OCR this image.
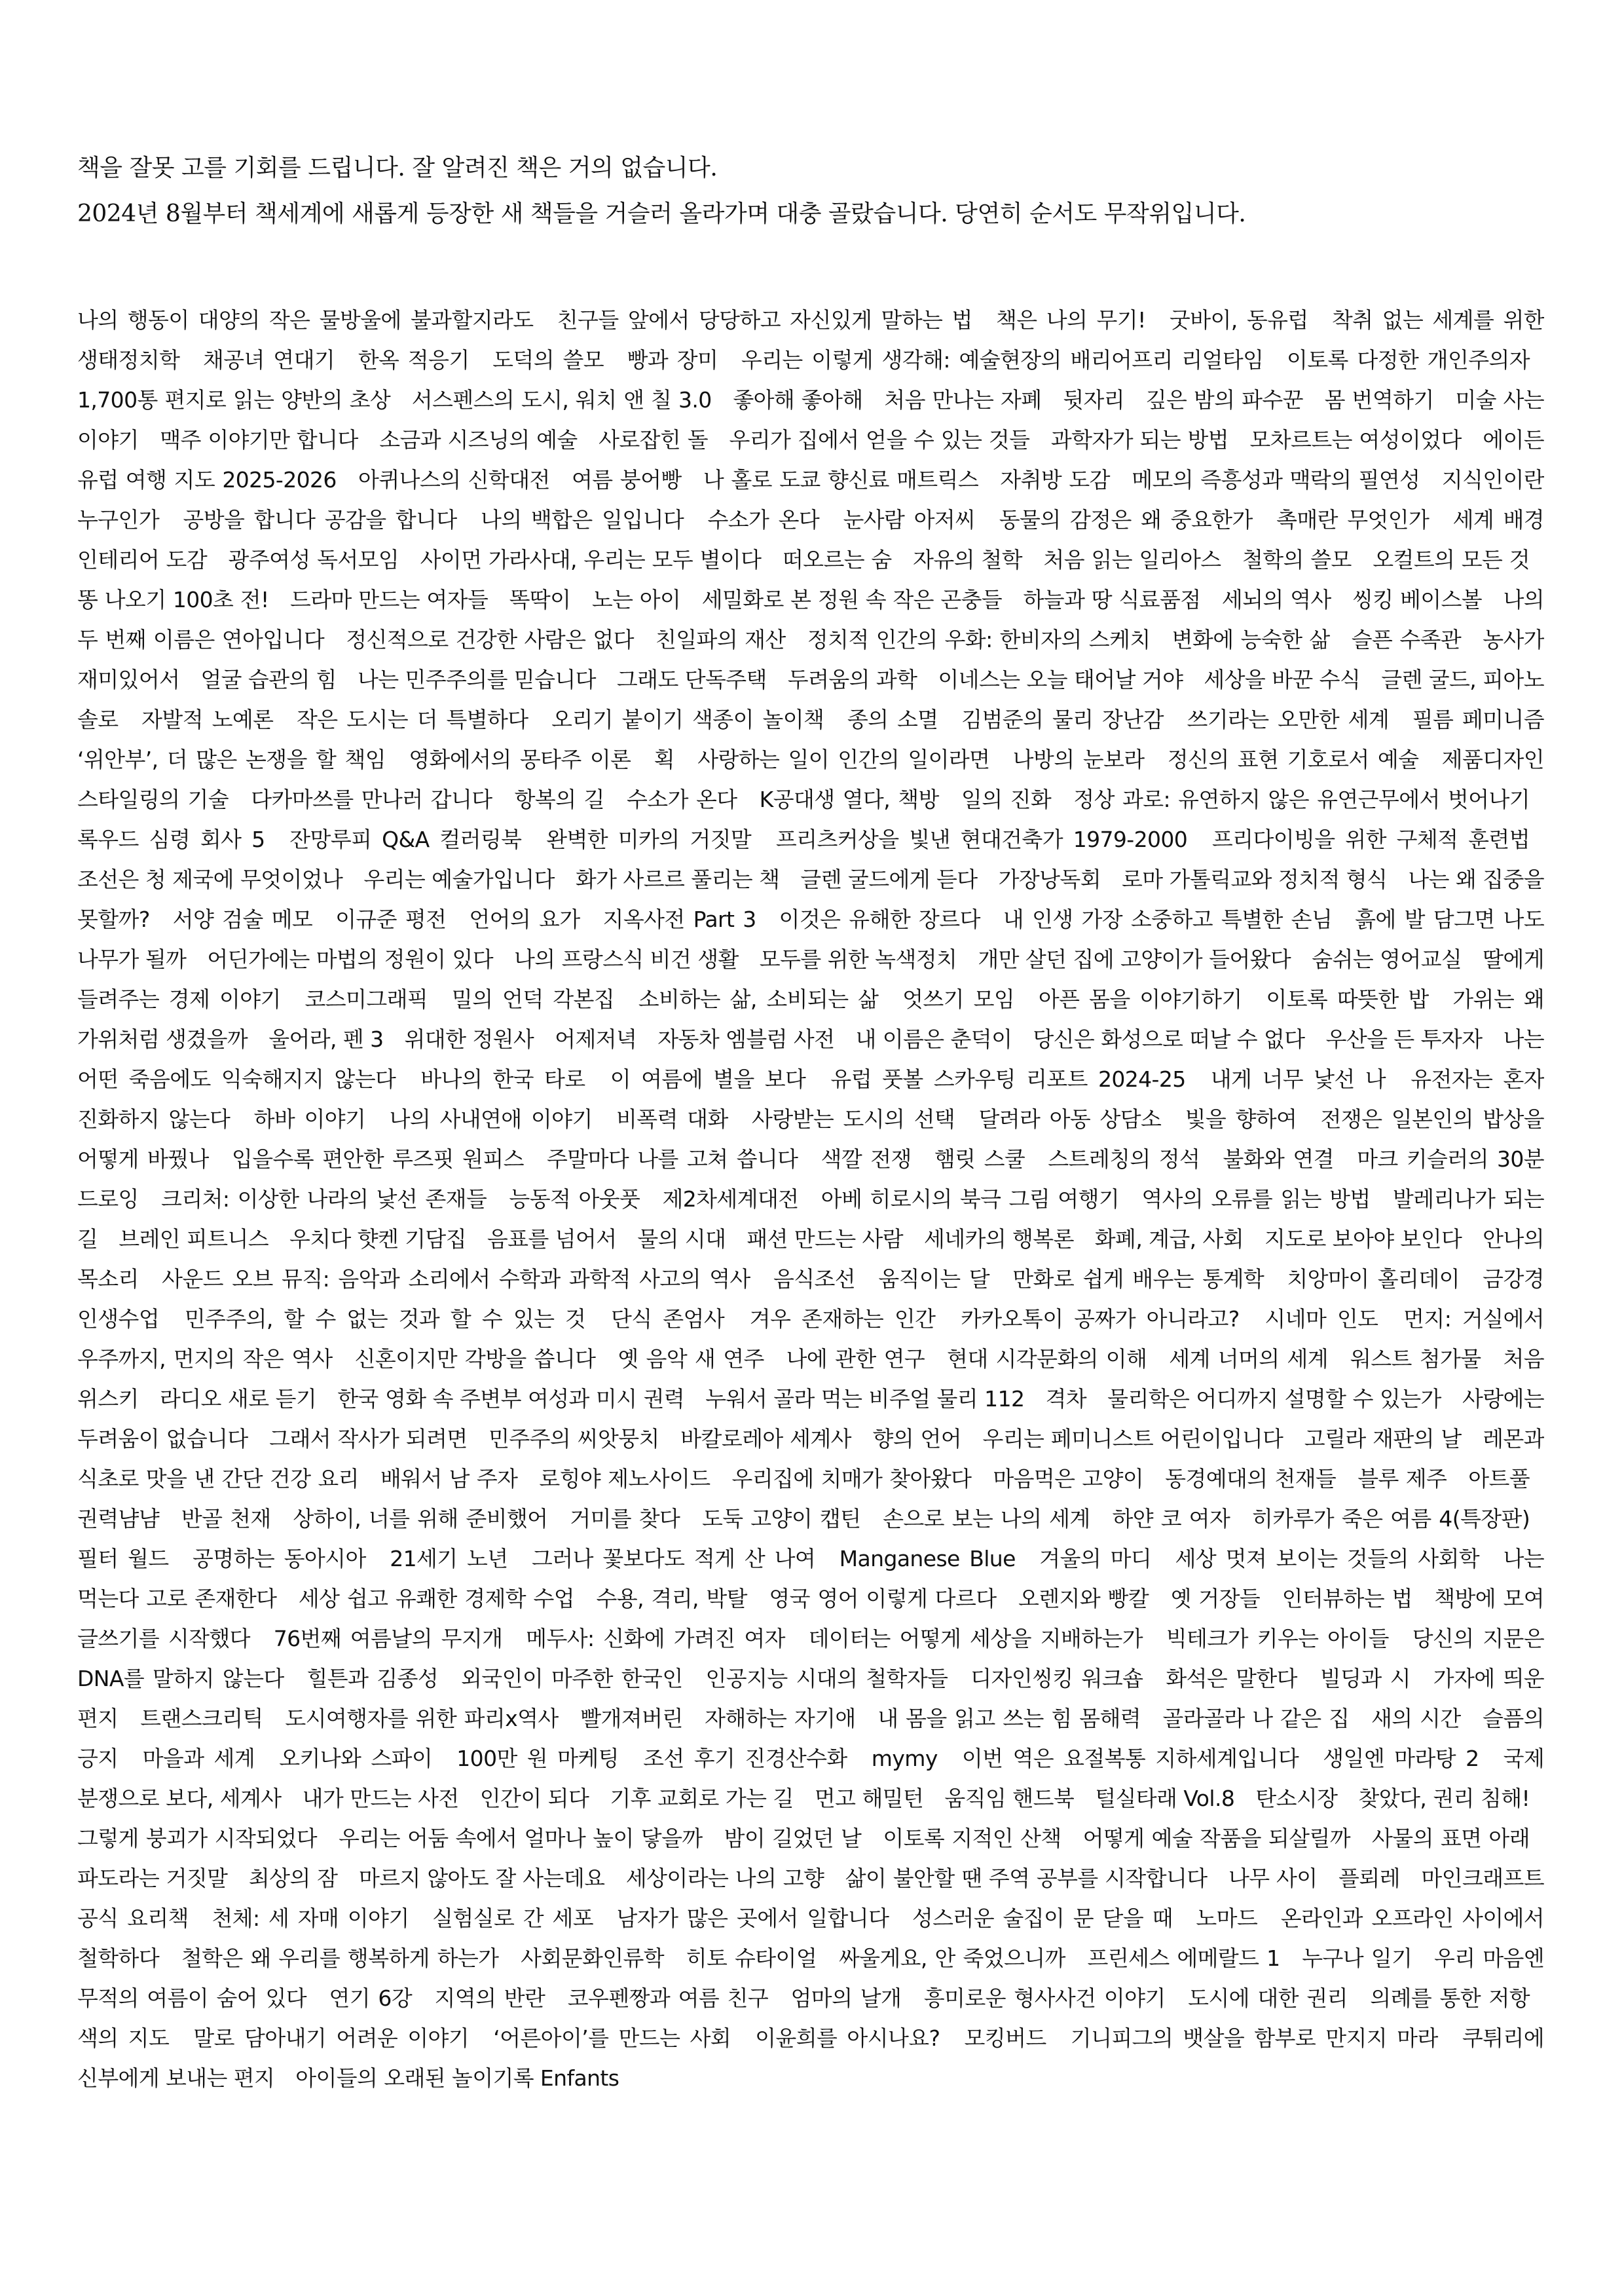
책을 잘못 고를 기회를 드립니다. 잘 알려진 책은 거의 없습니다.

2024년 8월부터 책세계에 새롭게 등장한 새 책들을 거슬러 올라가며 대충 골랐습니다. 당연히 순서도 무작위입니다.

나의 행동이 대양의 작은 물방울에 불과할지라도 친구들 앞에서 당당하고 자신있게 말하는 법 책은 나의 무기! 굿바이, 동유럽 착취 없는 세계를 위한 생태정치학 채공녀 연대기 한옥 적응기 도덕의 쓸모 빵과 장미 우리는 이렇게 생각해: 예술현장의 배리어프리 리얼타임 이토록 다정한 개인주의자 1,700통 편지로 읽는 양반의 초상 서스펜스의 도시, 워치 앤 칠 3.0 좋아해 좋아해 처음 만나는 자폐 뒷자리 깊은 밤의 파수꾼 몸 번역하기 미술 사는 이야기 맥주 이야기만 합니다 소금과 시즈닝의 예술 사로잡힌 돌 우리가 집에서 얻을 수 있는 것들 과학자가 되는 방법 모차르트는 여성이었다 에이든 유럽 여행 지도 2025-2026 아퀴나스의 신학대전 여름 붕어빵 나 홀로 도쿄 향신료 매트릭스 자취방 도감 메모의 즉흥성과 맥락의 필연성 지식인이란 누구인가 공방을 합니다 공감을 합니다 나의 백합은 일입니다 수소가 온다 눈사람 아저씨 동물의 감정은 왜 중요한가 촉매란 무엇인가 세계 배경 인테리어 도감 광주여성 독서모임 사이먼 가라사대, 우리는 모두 별이다 떠오르는 숨 자유의 철학 처음 읽는 일리아스 철학의 쓸모 오컬트의 모든 것 똥 나오기 100초 전! 드라마 만드는 여자들 똑딱이 노는 아이 세밀화로 본 정원 속 작은 곤충들 하늘과 땅 식료품점 세뇌의 역사 씽킹 베이스볼 나의 두 번째 이름은 연아입니다 정신적으로 건강한 사람은 없다 친일파의 재산 정치적 인간의 우화: 한비자의 스케치 변화에 능숙한 삶 슬픈 수족관 농사가 재미있어서 얼굴 습관의 힘 나는 민주주의를 믿습니다 그래도 단독주택 두려움의 과학 이네스는 오늘 태어날 거야 세상을 바꾼 수식 글렌 굴드, 피아노 솔로 자발적 노예론 작은 도시는 더 특별하다 오리기 붙이기 색종이 놀이책 종의 소멸 김범준의 물리 장난감 쓰기라는 오만한 세계 필름 페미니즘 ‘위안부’, 더 많은 논쟁을 할 책임 영화에서의 몽타주 이론 획 사랑하는 일이 인간의 일이라면 나방의 눈보라 정신의 표현 기호로서 예술 제품디자인 스타일링의 기술 다카마쓰를 만나러 갑니다 항복의 길 수소가 온다 K공대생 열다, 책방 일의 진화 정상 과로: 유연하지 않은 유연근무에서 벗어나기 록우드 심령 회사 5 잔망루피 Q&A 컬러링북 완벽한 미카의 거짓말 프리츠커상을 빛낸 현대건축가 1979-2000 프리다이빙을 위한 구체적 훈련법 조선은 청 제국에 무엇이었나 우리는 예술가입니다 화가 사르르 풀리는 책 글렌 굴드에게 듣다 가장낭독회 로마 가톨릭교와 정치적 형식 나는 왜 집중을 못할까? 서양 검술 메모 이규준 평전 언어의 요가 지옥사전 Part 3 이것은 유해한 장르다 내 인생 가장 소중하고 특별한 손님 흙에 발 담그면 나도 나무가 될까 어딘가에는 마법의 정원이 있다 나의 프랑스식 비건 생활 모두를 위한 녹색정치 개만 살던 집에 고양이가 들어왔다 숨쉬는 영어교실 딸에게 들려주는 경제 이야기 코스미그래픽 밀의 언덕 각본집 소비하는 삶, 소비되는 삶 엇쓰기 모임 아픈 몸을 이야기하기 이토록 따뜻한 밥 가위는 왜 가위처럼 생겼을까 울어라, 펜 3 위대한 정원사 어제저녁 자동차 엠블럼 사전 내 이름은 춘덕이 당신은 화성으로 떠날 수 없다 우산을 든 투자자 나는 어떤 죽음에도 익숙해지지 않는다 바나의 한국 타로 이 여름에 별을 보다 유럽 풋볼 스카우팅 리포트 2024-25 내게 너무 낯선 나 유전자는 혼자 진화하지 않는다 하바 이야기 나의 사내연애 이야기 비폭력 대화 사랑받는 도시의 선택 달려라 아동 상담소 빛을 향하여 전쟁은 일본인의 밥상을 어떻게 바꿨나 입을수록 편안한 루즈핏 원피스 주말마다 나를 고쳐 씁니다 색깔 전쟁 햄릿 스쿨 스트레칭의 정석 불화와 연결 마크 키슬러의 30분 드로잉 크리처: 이상한 나라의 낯선 존재들 능동적 아웃풋 제2차세계대전 아베 히로시의 북극 그림 여행기 역사의 오류를 읽는 방법 발레리나가 되는 길 브레인 피트니스 우치다 햣켄 기담집 음표를 넘어서 물의 시대 패션 만드는 사람 세네카의 행복론 화폐, 계급, 사회 지도로 보아야 보인다 안나의 목소리 사운드 오브 뮤직: 음악과 소리에서 수학과 과학적 사고의 역사 음식조선 움직이는 달 만화로 쉽게 배우는 통계학 치앙마이 홀리데이 금강경 인생수업 민주주의, 할 수 없는 것과 할 수 있는 것 단식 존엄사 겨우 존재하는 인간 카카오톡이 공짜가 아니라고? 시네마 인도 먼지: 거실에서 우주까지, 먼지의 작은 역사 신혼이지만 각방을 씁니다 옛 음악 새 연주 나에 관한 연구 현대 시각문화의 이해 세계 너머의 세계 워스트 첨가물 처음 위스키 라디오 새로 듣기 한국 영화 속 주변부 여성과 미시 권력 누워서 골라 먹는 비주얼 물리 112 격차 물리학은 어디까지 설명할 수 있는가 사랑에는 두려움이 없습니다 그래서 작사가 되려면 민주주의 씨앗뭉치 바칼로레아 세계사 향의 언어 우리는 페미니스트 어린이입니다 고릴라 재판의 날 레몬과 식초로 맛을 낸 간단 건강 요리 배워서 남 주자 로힝야 제노사이드 우리집에 치매가 찾아왔다 마음먹은 고양이 동경예대의 천재들 블루 제주 아트풀 권력냠냠 반골 천재 상하이, 너를 위해 준비했어 거미를 찾다 도둑 고양이 캡틴 손으로 보는 나의 세계 하얀 코 여자 히카루가 죽은 여름 4(특장판) 필터 월드 공명하는 동아시아 21세기 노년 그러나 꽃보다도 적게 산 나여 Manganese Blue 겨울의 마디 세상 멋져 보이는 것들의 사회학 나는 먹는다 고로 존재한다 세상 쉽고 유쾌한 경제학 수업 수용, 격리, 박탈 영국 영어 이렇게 다르다 오렌지와 빵칼 옛 거장들 인터뷰하는 법 책방에 모여 글쓰기를 시작했다 76번째 여름날의 무지개 메두사: 신화에 가려진 여자 데이터는 어떻게 세상을 지배하는가 빅테크가 키우는 아이들 당신의 지문은 DNA를 말하지 않는다 힐튼과 김종성 외국인이 마주한 한국인 인공지능 시대의 철학자들 디자인씽킹 워크숍 화석은 말한다 빌딩과 시 가자에 띄운 편지 트랜스크리틱 도시여행자를 위한 파리x역사 빨개져버린 자해하는 자기애 내 몸을 읽고 쓰는 힘 몸해력 골라골라 나 같은 집 새의 시간 슬픔의 긍지 마을과 세계 오키나와 스파이 100만 원 마케팅 조선 후기 진경산수화 mymy 이번 역은 요절복통 지하세계입니다 생일엔 마라탕 2 국제 분쟁으로 보다, 세계사 내가 만드는 사전 인간이 되다 기후 교회로 가는 길 먼고 해밀턴 움직임 핸드북 털실타래 Vol.8 탄소시장 찾았다, 권리 침해! 그렇게 붕괴가 시작되었다 우리는 어둠 속에서 얼마나 높이 닿을까 밤이 길었던 날 이토록 지적인 산책 어떻게 예술 작품을 되살릴까 사물의 표면 아래 파도라는 거짓말 최상의 잠 마르지 않아도 잘 사는데요 세상이라는 나의 고향 삶이 불안할 땐 주역 공부를 시작합니다 나무 사이 플뢰레 마인크래프트 공식 요리책 천체: 세 자매 이야기 실험실로 간 세포 남자가 많은 곳에서 일합니다 성스러운 술집이 문 닫을 때 노마드 온라인과 오프라인 사이에서 철학하다 철학은 왜 우리를 행복하게 하는가 사회문화인류학 히토 슈타이얼 싸울게요, 안 죽었으니까 프린세스 에메랄드 1 누구나 일기 우리 마음엔 무적의 여름이 숨어 있다 연기 6강 지역의 반란 코우펜짱과 여름 친구 엄마의 날개 흥미로운 형사사건 이야기 도시에 대한 권리 의례를 통한 저항 색의 지도 말로 담아내기 어려운 이야기 ‘어른아이’를 만드는 사회 이윤희를 아시나요? 모킹버드 기니피그의 뱃살을 함부로 만지지 마라 쿠튀리에 신부에게 보내는 편지 아이들의 오래된 놀이기록 Enfants
